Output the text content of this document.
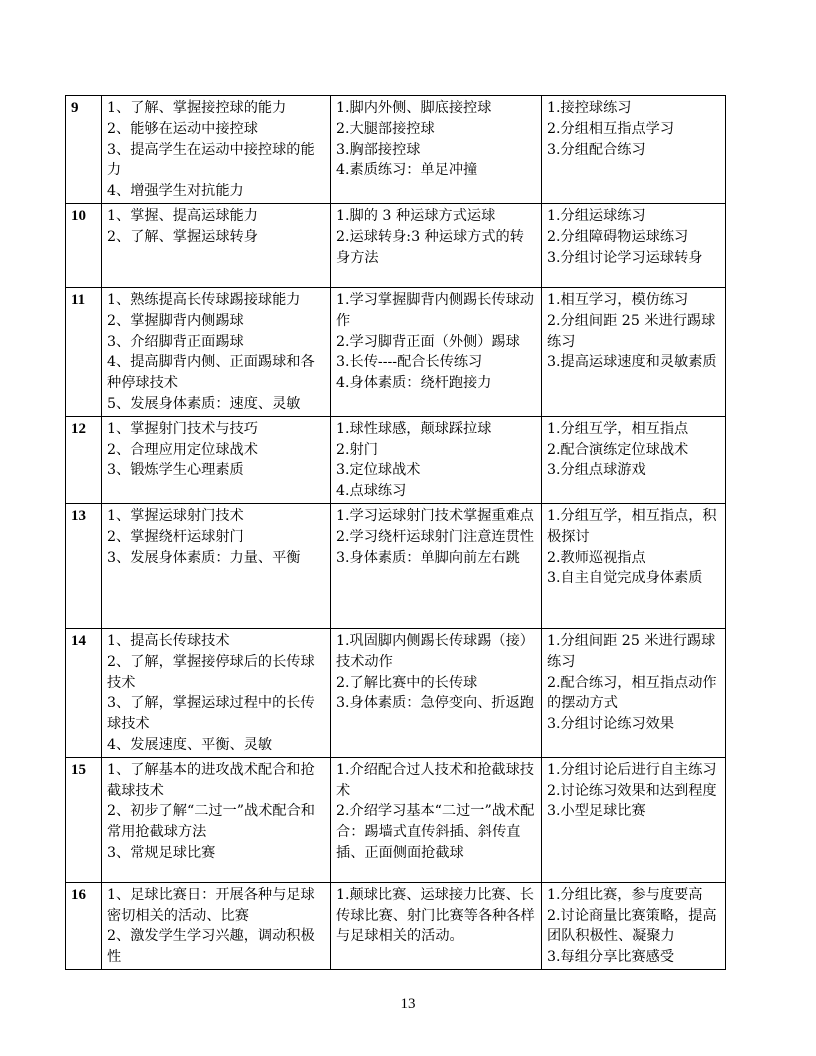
9	1、了解、掌握接控球的能力
2、能够在运动中接控球
3、提高学生在运动中接控球的能力
4、增强学生对抗能力	1.脚内外侧、脚底接控球
2.大腿部接控球
3.胸部接控球
4.素质练习：单足冲撞	1.接控球练习
2.分组相互指点学习
3.分组配合练习

10	1、掌握、提高运球能力
2、了解、掌握运球转身	1.脚的 3 种运球方式运球
2.运球转身:3 种运球方式的转身方法	1.分组运球练习
2.分组障碍物运球练习
3.分组讨论学习运球转身

11	1、熟练提高长传球踢接球能力
2、掌握脚背内侧踢球
3、介绍脚背正面踢球
4、提高脚背内侧、正面踢球和各种停球技术
5、发展身体素质：速度、灵敏	1.学习掌握脚背内侧踢长传球动作
2.学习脚背正面（外侧）踢球
3.长传----配合长传练习
4.身体素质：绕杆跑接力	1.相互学习，模仿练习
2.分组间距 25 米进行踢球练习
3.提高运球速度和灵敏素质

12	1、掌握射门技术与技巧
2、合理应用定位球战术
3、锻炼学生心理素质	1.球性球感，颠球踩拉球
2.射门
3.定位球战术
4.点球练习	1.分组互学，相互指点
2.配合演练定位球战术
3.分组点球游戏

13	1、掌握运球射门技术
2、掌握绕杆运球射门
3、发展身体素质：力量、平衡	1.学习运球射门技术掌握重难点
2.学习绕杆运球射门注意连贯性
3.身体素质：单脚向前左右跳	1.分组互学，相互指点，积极探讨
2.教师巡视指点
3.自主自觉完成身体素质

14	1、提高长传球技术
2、了解，掌握接停球后的长传球技术
3、了解，掌握运球过程中的长传球技术
4、发展速度、平衡、灵敏	1.巩固脚内侧踢长传球踢（接）技术动作
2.了解比赛中的长传球
3.身体素质：急停变向、折返跑	1.分组间距 25 米进行踢球练习
2.配合练习，相互指点动作的摆动方式
3.分组讨论练习效果

15	1、了解基本的进攻战术配合和抢截球技术
2、初步了解“二过一”战术配合和常用抢截球方法
3、常规足球比赛	1.介绍配合过人技术和抢截球技术
2.介绍学习基本“二过一”战术配合：踢墙式直传斜插、斜传直插、正面侧面抢截球	1.分组讨论后进行自主练习
2.讨论练习效果和达到程度
3.小型足球比赛

16	1、足球比赛日：开展各种与足球密切相关的活动、比赛
2、激发学生学习兴趣，调动积极性	1.颠球比赛、运球接力比赛、长传球比赛、射门比赛等各种各样与足球相关的活动。	1.分组比赛，参与度要高
2.讨论商量比赛策略，提高团队积极性、凝聚力
3.每组分享比赛感受
13
